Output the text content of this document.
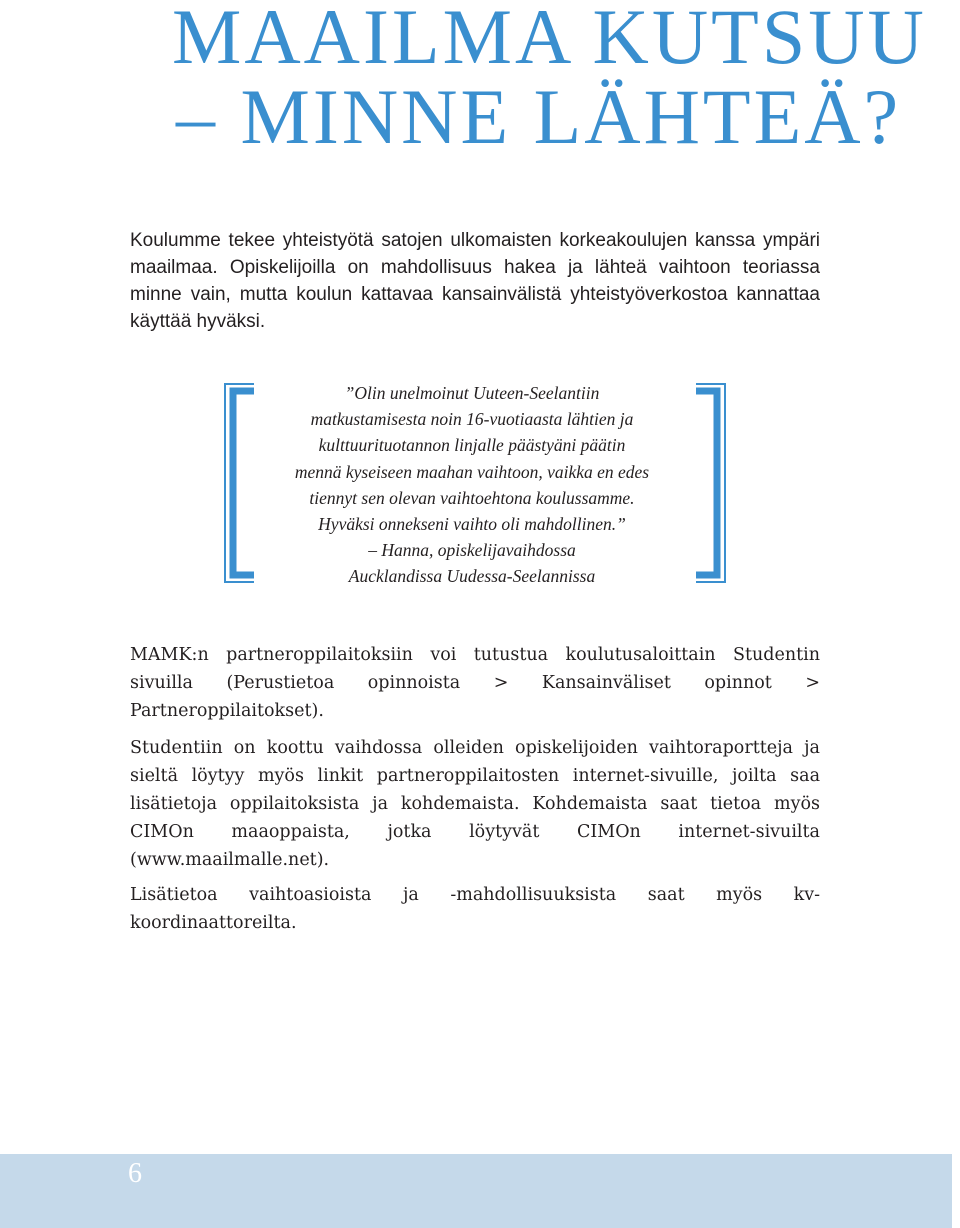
MAAILMA KUTSUU
– MINNE LÄHTEÄ?

Koulumme tekee yhteistyötä satojen ulkomaisten korkeakoulujen kanssa ympäri maailmaa. Opiskelijoilla on mahdollisuus hakea ja lähteä vaihtoon teoriassa minne vain, mutta koulun kattavaa kansainvälistä yhteistyöverkostoa kannattaa käyttää hyväksi.

”Olin unelmoinut Uuteen-Seelantiin
matkustamisesta noin 16-vuotiaasta lähtien ja
kulttuurituotannon linjalle päästyäni päätin
mennä kyseiseen maahan vaihtoon, vaikka en edes
tiennyt sen olevan vaihtoehtona koulussamme.
Hyväksi onnekseni vaihto oli mahdollinen.”
– Hanna, opiskelijavaihdossa
Aucklandissa Uudessa-Seelannissa

MAMK:n partneroppilaitoksiin voi tutustua koulutusaloittain Studentin sivuilla (Perustietoa opinnoista > Kansainväliset opinnot > Partneroppilaitokset).

Studentiin on koottu vaihdossa olleiden opiskelijoiden vaihtoraportteja ja sieltä löytyy myös linkit partneroppilaitosten internet-sivuille, joilta saa lisätietoja oppilaitoksista ja kohdemaista. Kohdemaista saat tietoa myös CIMOn maaoppaista, jotka löytyvät CIMOn internet-sivuilta (www.maailmalle.net).

Lisätietoa vaihtoasioista ja -mahdollisuuksista saat myös kv-koordinaattoreilta.

6
